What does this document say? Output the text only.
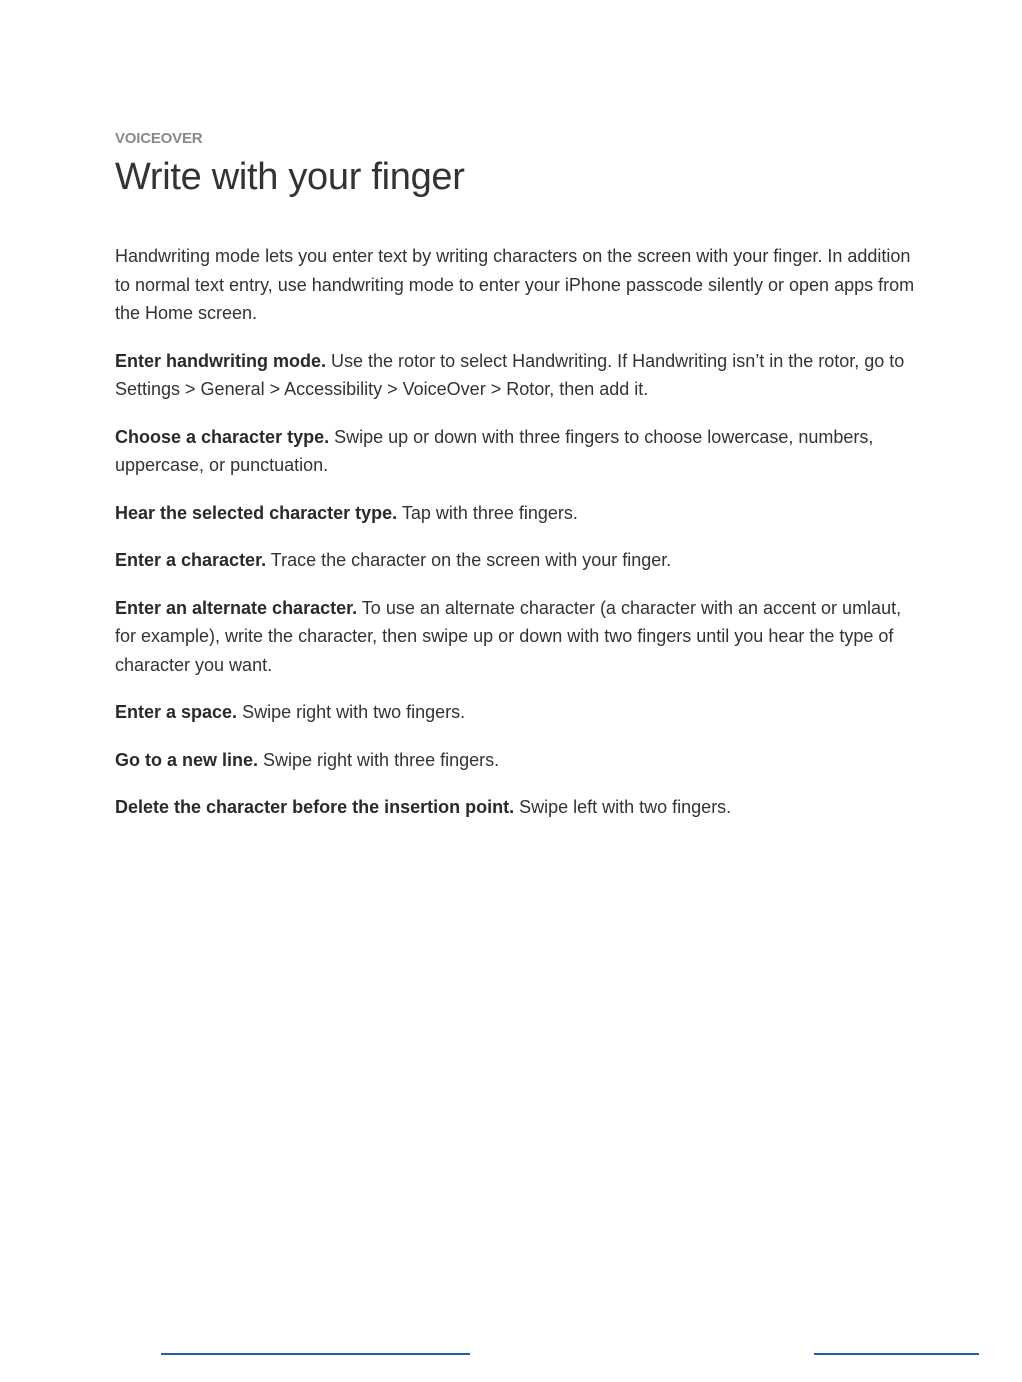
VOICEOVER

Write with your finger

Handwriting mode lets you enter text by writing characters on the screen with your finger. In addition to normal text entry, use handwriting mode to enter your iPhone passcode silently or open apps from the Home screen.

Enter handwriting mode. Use the rotor to select Handwriting. If Handwriting isn’t in the rotor, go to Settings > General > Accessibility > VoiceOver > Rotor, then add it.

Choose a character type. Swipe up or down with three fingers to choose lowercase, numbers, uppercase, or punctuation.

Hear the selected character type. Tap with three fingers.

Enter a character. Trace the character on the screen with your finger.

Enter an alternate character. To use an alternate character (a character with an accent or umlaut, for example), write the character, then swipe up or down with two fingers until you hear the type of character you want.

Enter a space. Swipe right with two fingers.

Go to a new line. Swipe right with three fingers.

Delete the character before the insertion point. Swipe left with two fingers.
